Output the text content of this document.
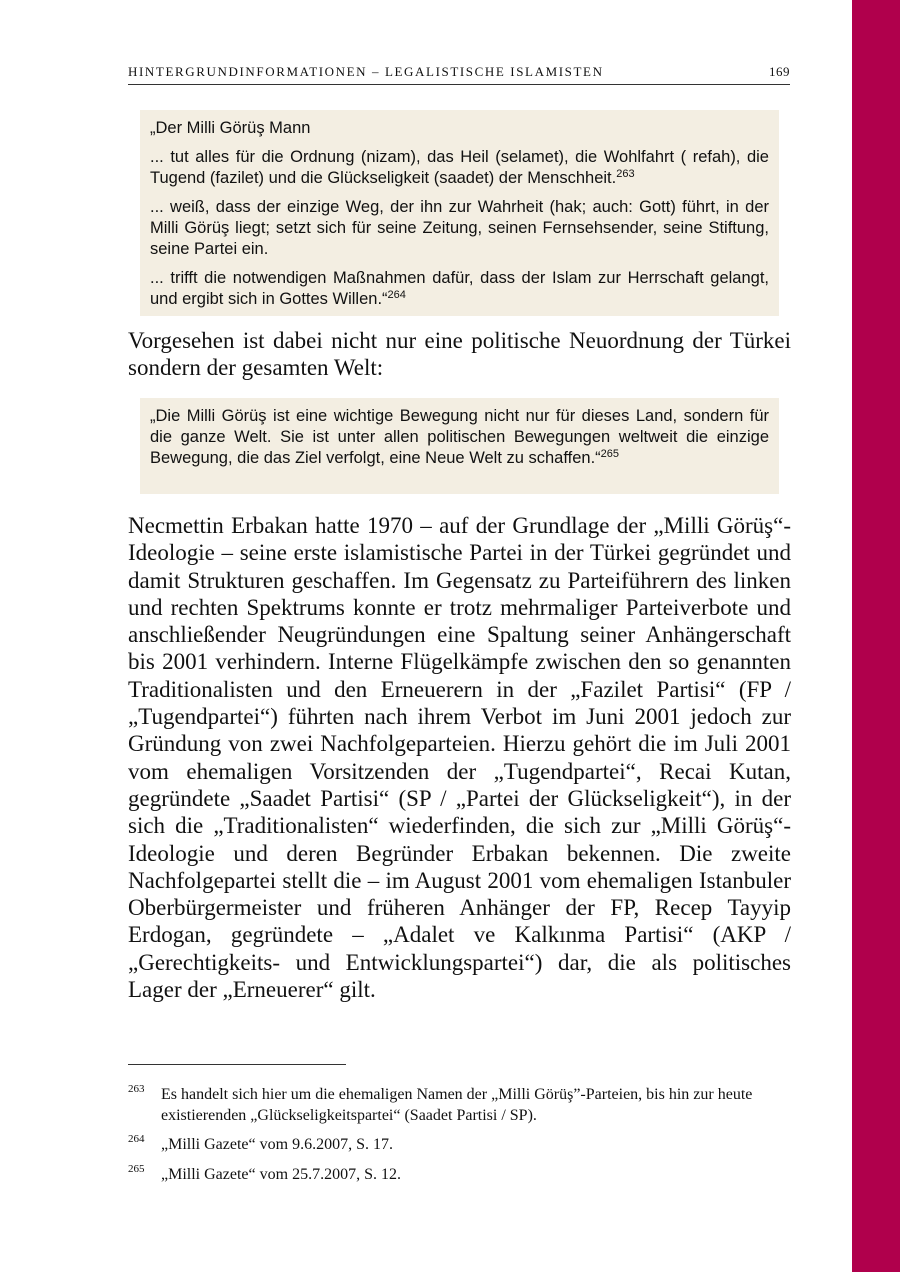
HINTERGRUNDINFORMATIONEN – LEGALISTISCHE ISLAMISTEN	169

„Der Milli Görüş Mann

... tut alles für die Ordnung (nizam), das Heil (selamet), die Wohlfahrt ( refah), die Tugend (fazilet) und die Glückseligkeit (saadet) der Menschheit.$^{263}$

... weiß, dass der einzige Weg, der ihn zur Wahrheit (hak; auch: Gott) führt, in der Milli Görüş liegt; setzt sich für seine Zeitung, seinen Fernsehsender, seine Stiftung, seine Partei ein.

... trifft die notwendigen Maßnahmen dafür, dass der Islam zur Herrschaft gelangt, und ergibt sich in Gottes Willen.“$^{264}$

Vorgesehen ist dabei nicht nur eine politische Neuordnung der Türkei sondern der gesamten Welt:

„Die Milli Görüş ist eine wichtige Bewegung nicht nur für dieses Land, sondern für die ganze Welt. Sie ist unter allen politischen Bewegungen weltweit die einzige Bewegung, die das Ziel verfolgt, eine Neue Welt zu schaffen.“$^{265}$

Necmettin Erbakan hatte 1970 – auf der Grundlage der „Milli Görüş“-Ideologie – seine erste islamistische Partei in der Türkei gegründet und damit Strukturen geschaffen. Im Gegensatz zu Parteiführern des linken und rechten Spektrums konnte er trotz mehrmaliger Parteiverbote und anschließender Neugründungen eine Spaltung seiner Anhängerschaft bis 2001 verhindern. Interne Flügelkämpfe zwischen den so genannten Traditionalisten und den Erneuerern in der „Fazilet Partisi“ (FP / „Tugendpartei“) führten nach ihrem Verbot im Juni 2001 jedoch zur Gründung von zwei Nachfolgeparteien. Hierzu gehört die im Juli 2001 vom ehemaligen Vorsitzenden der „Tugendpartei“, Recai Kutan, gegründete „Saadet Partisi“ (SP / „Partei der Glückseligkeit“), in der sich die „Traditionalisten“ wiederfinden, die sich zur „Milli Görüş“-Ideologie und deren Begründer Erbakan bekennen. Die zweite Nachfolgepartei stellt die – im August 2001 vom ehemaligen Istanbuler Oberbürgermeister und früheren Anhänger der FP, Recep Tayyip Erdogan, gegründete – „Adalet ve Kalkınma Partisi“ (AKP / „Gerechtigkeits- und Entwicklungspartei“) dar, die als politisches Lager der „Erneuerer“ gilt.

263 Es handelt sich hier um die ehemaligen Namen der „Milli Görüş”-Parteien, bis hin zur heute existierenden „Glückseligkeitspartei“ (Saadet Partisi / SP).
264 „Milli Gazete“ vom 9.6.2007, S. 17.
265 „Milli Gazete“ vom 25.7.2007, S. 12.
